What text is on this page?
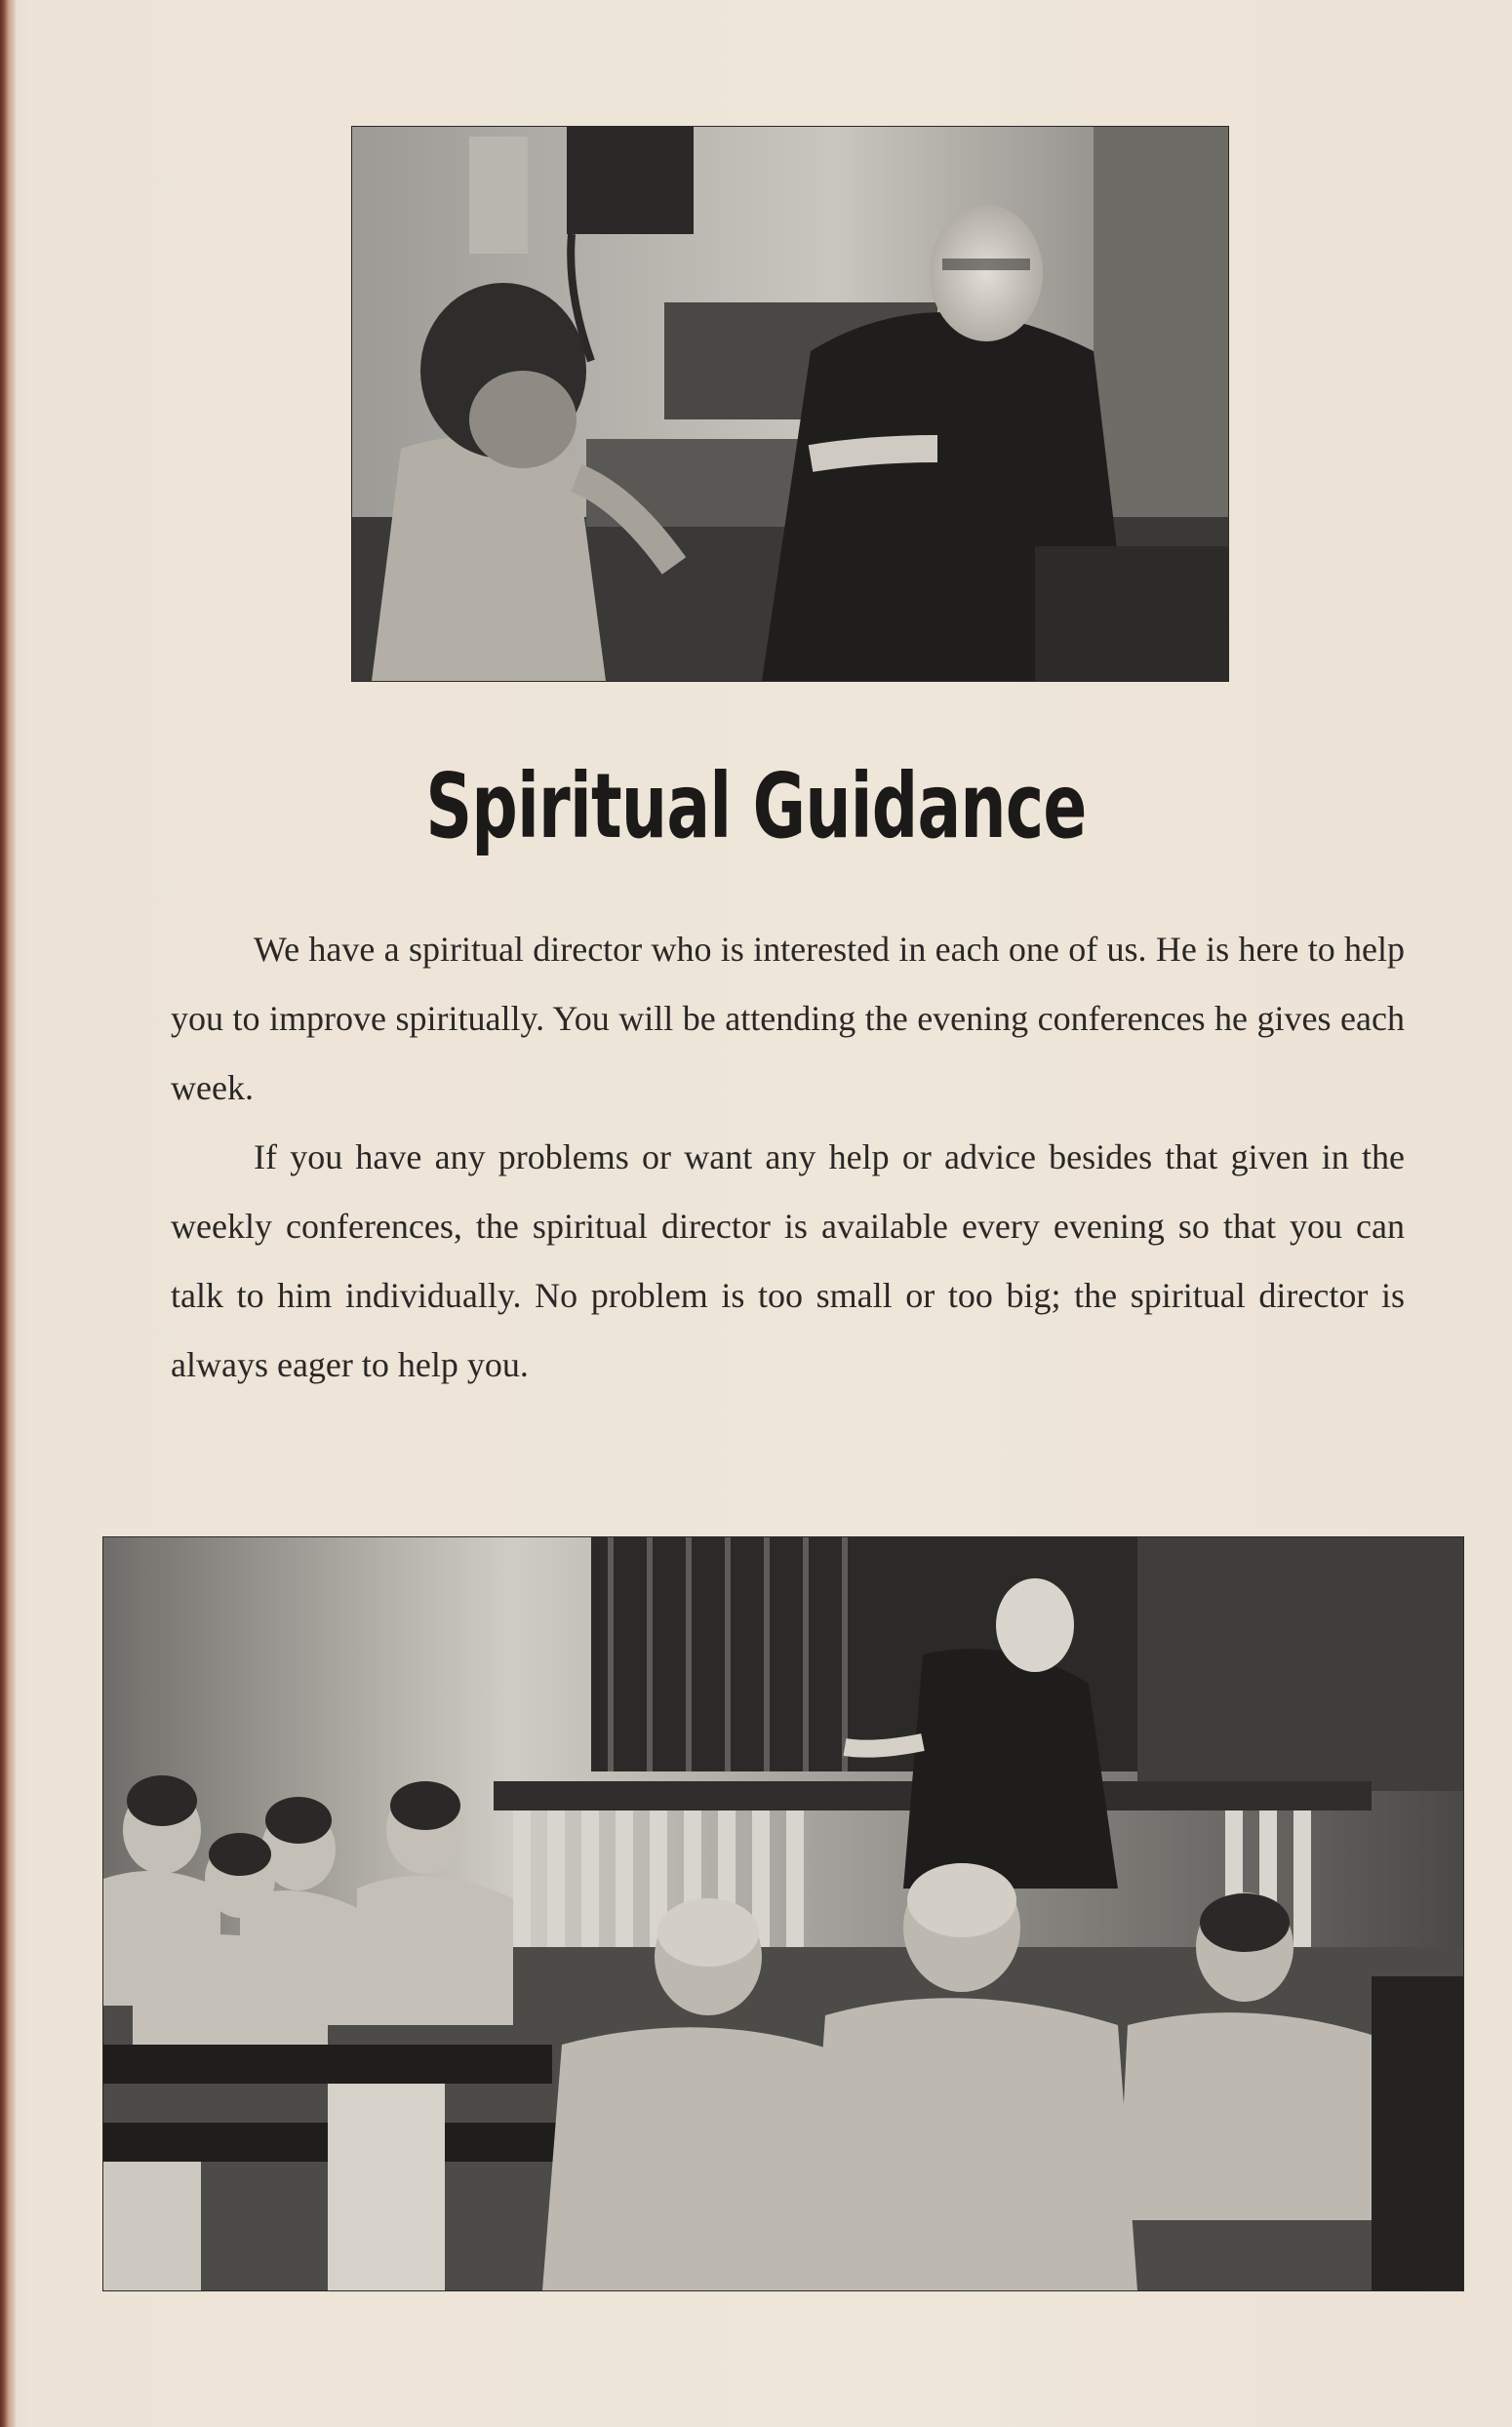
Spiritual Guidance

We have a spiritual director who is interested in each one of us. He is here to help you to improve spiritually. You will be attending the evening conferences he gives each week.

If you have any problems or want any help or advice besides that given in the weekly conferences, the spiritual director is available every evening so that you can talk to him individually. No problem is too small or too big; the spiritual director is always eager to help you.
